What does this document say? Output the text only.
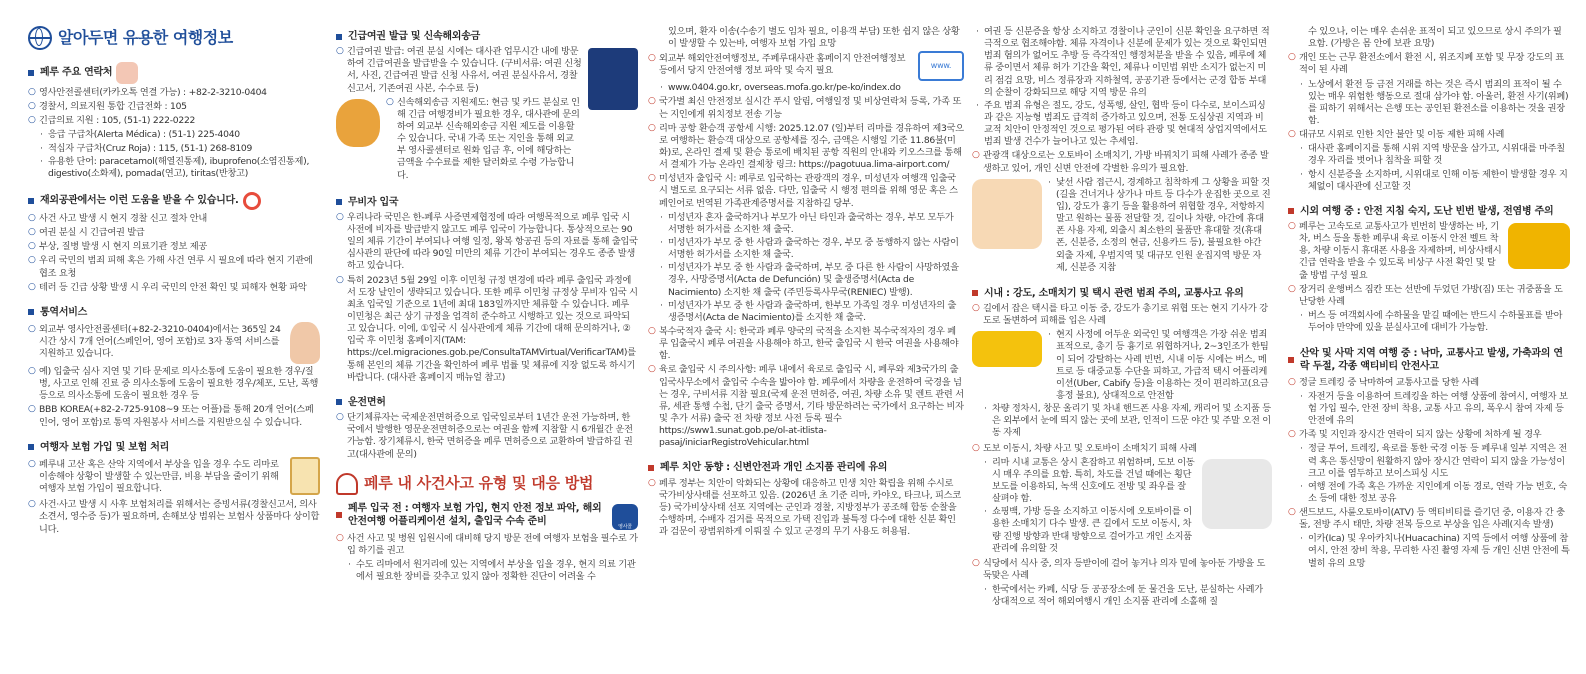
알아두면 유용한 여행정보
페루 주요 연락처
○ 영사안전콜센터(카카오톡 연결 가능) : +82-2-3210-0404
○ 경찰서, 의료지원 통합 긴급전화 : 105
○ 긴급의료 지원 : 105, (51-1) 222-0222
· 응급 구급차(Alerta Médica) : (51-1) 225-4040
· 적십자 구급차(Cruz Roja) : 115, (51-1) 268-8109
· 유용한 단어: paracetamol(해열진통제), ibuprofeno(소염진통제), digestivo(소화제), pomada(연고), tiritas(반창고)
재외공관에서는 이런 도움을 받을 수 있습니다.
○ 사건 사고 발생 시 현지 경찰 신고 절차 안내
○ 여권 분실 시 긴급여권 발급
○ 부상, 질병 발생 시 현지 의료기관 정보 제공
○ 우리 국민의 범죄 피해 혹은 가해 사건 연루 시 필요에 따라 현지 기관에 협조 요청
○ 테러 등 긴급 상황 발생 시 우리 국민의 안전 확인 및 피해자 현황 파악
통역서비스
○ 외교부 영사안전콜센터(+82-2-3210-0404)에서는 365일 24시간 상시 7개 언어(스페인어, 영어 포함)로 3자 통역 서비스를 지원하고 있습니다.
○ 예) 입출국 심사 지연 및 기타 문제로 의사소통에 도움이 필요한 경우/질병, 사고로 인해 진료 중 의사소통에 도움이 필요한 경우/체포, 도난, 폭행 등으로 의사소통에 도움이 필요한 경우 등
○ BBB KOREA(+82-2-725-9108~9 또는 어플)를 통해 20개 언어(스페인어, 영어 포함)로 통역 자원봉사 서비스를 지원받으실 수 있습니다.
여행자 보험 가입 및 보험 처리
○ 페루내 고산 혹은 산악 지역에서 부상을 입을 경우 수도 리마로 이송해야 상황이 발생할 수 있는만큼, 비용 부담을 줄이기 위해 여행자 보험 가입이 필요합니다.
○ 사건·사고 발생 시 사후 보험처리를 위해서는 증빙서류(경찰신고서, 의사소견서, 영수증 등)가 필요하며, 손해보상 범위는 보험사 상품마다 상이합니다.
긴급여권 발급 및 신속해외송금
○ 긴급여권 발급: 여권 분실 시에는 대사관 업무시간 내에 방문하여 긴급여권을 발급받을 수 있습니다. (구비서류: 여권 신청서, 사진, 긴급여권 발급 신청 사유서, 여권 분실사유서, 경찰 신고서, 기존여권 사본, 수수료 등)
○ 신속해외송금 지원제도: 현금 및 카드 분실로 인해 긴급 여행경비가 필요한 경우, 대사관에 문의하여 외교부 신속해외송금 지원 제도를 이용할 수 있습니다. 국내 가족 또는 지인을 통해 외교부 영사콜센터로 원화 입금 후, 이에 해당하는 금액을 수수료를 제한 달러화로 수령 가능합니다.
무비자 입국
○ 우리나라 국민은 한-페루 사증면제협정에 따라 여행목적으로 페루 입국 시 사전에 비자를 발급받지 않고도 페루 입국이 가능합니다. 통상적으로는 90일의 체류 기간이 부여되나 여행 일정, 왕복 항공권 등의 자료를 통해 출입국 심사관의 판단에 따라 90일 미만의 체류 기간이 부여되는 경우도 종종 발생하고 있습니다.
○ 특히 2023년 5월 29일 이후 이민청 규정 변경에 따라 페루 출입국 과정에서 도장 날인이 생략되고 있습니다. 또한 페루 이민청 규정상 무비자 입국 시 최초 입국일 기준으로 1년에 최대 183일까지만 체류할 수 있습니다. 페루 이민청은 최근 상기 규정을 엄격히 준수하고 시행하고 있는 것으로 파악되고 있습니다. 이에, ①입국 시 심사관에게 체류 기간에 대해 문의하거나, ②입국 후 이민청 홈페이지(TAM: https://cel.migraciones.gob.pe/ConsultaTAMVirtual/VerificarTAM)를 통해 본인의 체류 기간을 확인하여 페루 법률 및 체류에 지장 없도록 하시기 바랍니다. (대사관 홈페이지 매뉴얼 참고)
운전면허
○ 단기체류자는 국제운전면허증으로 입국일로부터 1년간 운전 가능하며, 한국에서 발행한 영문운전면허증으로는 여권을 함께 지참할 시 6개월간 운전 가능함. 장기체류시, 한국 면허증을 페루 면허증으로 교환하여 발급하길 권고(대사관에 문의)
페루 내 사건사고 유형 및 대응 방법
페루 입국 전 : 여행자 보험 가입, 현지 안전 정보 파악, 해외안전여행 어플리케이션 설치, 출입국 수속 준비
영사콜
○ 사건 사고 및 병원 입원시에 대비해 당지 방문 전에 여행자 보험을 필수로 가입 하기를 권고
· 수도 리마에서 원거리에 있는 지역에서 부상을 입을 경우, 현지 의료 기관에서 필요한 장비를 갖추고 있지 않아 정확한 진단이 어려울 수
있으며, 환자 이송(수송기 별도 임차 필요, 이용객 부담) 또한 쉽지 않은 상황이 발생할 수 있는바, 여행자 보험 가입 요망
○ 외교부 해외안전여행정보, 주페루대사관 홈페이지 안전여행정보 등에서 당지 안전여행 정보 파악 및 숙지 필요	www.
· www.0404.go.kr, overseas.mofa.go.kr/pe-ko/index.do
○ 국가별 최신 안전정보 실시간 푸시 알림, 여행일정 및 비상연락처 등록, 가족 또는 지인에게 위치정보 전송 기능
○ 리마 공항 환승객 공항세 시행: 2025.12.07 (일)부터 리마를 경유하여 제3국으로 여행하는 환승객 대상으로 공항세를 징수, 금액은 시행일 기준 11.86불(미화)로, 온라인 결제 및 환승 통로에 배치된 공항 직원의 안내와 키오스크를 통해서 결제가 가능 온라인 결제창 링크: https://pagotuua.lima-airport.com/
○ 미성년자 출입국 시: 페루로 입국하는 관광객의 경우, 미성년자 여행객 입출국 시 별도로 요구되는 서류 없음. 다만, 입출국 시 행정 편의를 위해 영문 혹은 스페인어로 번역된 가족관계증명서를 지참하길 당부.
· 미성년자 혼자 출국하거나 부모가 아닌 타인과 출국하는 경우, 부모 모두가 서명한 허가서를 소지한 채 출국.
· 미성년자가 부모 중 한 사람과 출국하는 경우, 부모 중 동행하지 않는 사람이 서명한 허가서를 소지한 채 출국.
· 미성년자가 부모 중 한 사람과 출국하며, 부모 중 다른 한 사람이 사망하였을 경우, 사망증명서(Acta de Defunción) 및 출생증명서(Acta de Nacimiento) 소지한 채 출국 (주민등록사무국(RENIEC) 발행).
· 미성년자가 부모 중 한 사람과 출국하며, 한부모 가족일 경우 미성년자의 출생증명서(Acta de Nacimiento)를 소지한 채 출국.
○ 복수국적자 출국 시: 한국과 페루 양국의 국적을 소지한 복수국적자의 경우 페루 입출국시 페루 여권을 사용해야 하고, 한국 출입국 시 한국 여권을 사용해야 함.
○ 육로 출입국 시 주의사항: 페루 내에서 육로로 출입국 시, 페루와 제3국가의 출입국사무소에서 출입국 수속을 밟아야 함. 페루에서 차량을 운전하여 국경을 넘는 경우, 구비서류 지참 필요(국제 운전 면허증, 여권, 차량 소유 및 렌트 관련 서류, 세관 통행 수첩, 단기 출국 증명서, 기타 방문하려는 국가에서 요구하는 비자 및 추가 서류) 출국 전 차량 정보 사전 등록 필수 https://sww1.sunat.gob.pe/ol-at-itlista-pasaj/iniciarRegistroVehicular.html
페루 치안 동향 : 신변안전과 개인 소지품 관리에 유의
○ 페루 정부는 치안이 악화되는 상황에 대응하고 민생 치안 확립을 위해 수시로 국가비상사태를 선포하고 있음. (2026년 초 기준 리마, 카야오, 타크나, 피스코 등) 국가비상사태 선포 지역에는 군인과 경찰, 지방정부가 공조해 합동 순찰을 수행하며, 수배자 검거를 목적으로 가택 진입과 불특정 다수에 대한 신분 확인과 검문이 광범위하게 이뤄질 수 있고 군경의 무기 사용도 허용됨.
· 여권 등 신분증을 항상 소지하고 경찰이나 군인이 신분 확인을 요구하면 적극적으로 협조해야함. 체류 자격이나 신분에 문제가 있는 것으로 확인되면 범죄 혐의가 없어도 추방 등 즉각적인 행정처분을 받을 수 있음, 페루에 체류 중이면서 체류 허가 기간을 확인, 체류나 이민법 위반 소지가 없는지 미리 점검 요망, 비스 정류장과 지하철역, 공공기관 등에서는 군경 합동 부대의 순찰이 강화되므로 해당 지역 방문 유의
· 주요 범죄 유형은 절도, 강도, 성폭행, 살인, 협박 등이 다수로, 보이스피싱과 같은 지능형 범죄도 급격히 증가하고 있으며, 전통 도심상권 지역과 비교적 치안이 안정적인 것으로 평가된 여타 관광 및 현대적 상업지역에서도 범죄 발생 건수가 늘어나고 있는 추세임.
○ 관광객 대상으로는 오토바이 소매치기, 가방 바꿔치기 피해 사례가 종종 발생하고 있어, 개인 신변 안전에 각별한 유의가 필요함.
· 낯선 사람 접근시, 경계하고 침착하게 그 상황을 피할 것(길을 건너거나 상가나 마트 등 다수가 운집한 곳으로 진입), 강도가 흉기 등을 활용하여 위협할 경우, 저항하지 말고 원하는 물품 전달할 것, 길이나 차량, 야간에 휴대폰 사용 자제, 외출시 최소한의 물품만 휴대할 것(휴대폰, 신분증, 소정의 현금, 신용카드 등), 불필요한 야간 외출 자제, 우범지역 및 대규모 인원 운집지역 방문 자제, 신분증 지참
시내 : 강도, 소매치기 및 택시 관련 범죄 주의, 교통사고 유의
○ 길에서 잡은 택시를 타고 이동 중, 강도가 총기로 위협 또는 현지 기사가 강도로 돌변하여 피해를 입은 사례
· 현지 사정에 어두운 외국인 및 여행객은 가장 쉬운 범죄 표적으로, 총기 등 흉기로 위협하거나, 2~3인조가 한팀이 되어 강탈하는 사례 빈번, 시내 이동 시에는 버스, 메트로 등 대중교통 수단을 피하고, 가급적 택시 어플리케이션(Uber, Cabify 등)을 이용하는 것이 편리하고(요금 흥정 불요), 상대적으로 안전함
· 차량 정차시, 창문 올리기 및 차내 핸드폰 사용 자제, 캐리어 및 소지품 등은 외부에서 눈에 띄지 않는 곳에 보관, 인적이 드문 야간 및 주말 오전 이동 자제
○ 도보 이동시, 차량 사고 및 오토바이 소매치기 피해 사례
· 리마 시내 교통은 상시 혼잡하고 위험하며, 도보 이동 시 매우 주의를 요함. 특히, 차도를 건널 때에는 횡단보도를 이용하되, 녹색 신호에도 전방 및 좌우를 잘 살펴야 함.
· 쇼핑백, 가방 등을 소지하고 이동시에 오토바이를 이용한 소매치기 다수 발생. 큰 길에서 도보 이동시, 차량 진행 방향과 반대 방향으로 걸어가고 개인 소지품 관리에 유의할 것
○ 식당에서 식사 중, 의자 등받이에 걸어 놓거나 의자 밑에 놓아둔 가방을 도둑맞은 사례
· 한국에서는 카페, 식당 등 공공장소에 둔 물건을 도난, 분실하는 사례가 상대적으로 적어 해외여행시 개인 소지품 관리에 소홀해 질
수 있으나, 이는 매우 손쉬운 표적이 되고 있으므로 상시 주의가 필요함. (가방은 몸 안에 보관 요망)
○ 개인 또는 근무 환전소에서 환전 시, 위조지폐 포함 및 무장 강도의 표적이 된 사례
· 노상에서 환전 등 금전 거래를 하는 것은 즉시 범죄의 표적이 될 수 있는 매우 위험한 행동으로 절대 삼가야 함. 아울러, 환전 사기(위폐)를 피하기 위해서는 은행 또는 공인된 환전소를 이용하는 것을 권장함.
○ 대규모 시위로 인한 치안 불안 및 이동 제한 피해 사례
· 대사관 홈페이지를 통해 시위 지역 방문을 삼가고, 시위대를 마주칠 경우 자리를 벗어나 침착을 피할 것
· 항시 신분증을 소지하며, 시위대로 인해 이동 제한이 발생할 경우 지체없이 대사관에 신고할 것
시외 여행 중 : 안전 지침 숙지, 도난 빈번 발생, 전염병 주의
○ 페루는 고속도로 교통사고가 빈번히 발생하는 바, 기차, 버스 등을 통한 페루내 육로 이동시 안전 벨트 착용, 차량 이동시 휴대폰 사용을 자제하며, 비상사태시 긴급 연락을 받을 수 있도록 비상구 사전 확인 및 탈출 방법 구성 필요
○ 장거리 운행버스 짐칸 또는 선반에 두었던 가방(짐) 또는 귀중품을 도난당한 사례
· 버스 등 여객회사에 수하물을 맡길 때에는 반드시 수하물표를 받아두어야 만약에 있을 분실사고에 대비가 가능함.
산악 및 사막 지역 여행 중 : 낙마, 교통사고 발생, 가축과의 연락 두절, 각종 액티비티 안전사고
○ 정글 트레킹 중 낙마하여 교통사고를 당한 사례
· 자전거 등을 이용하여 트레킹을 하는 여행 상품에 참여시, 여행자 보험 가입 필수, 안전 장비 착용, 교통 사고 유의, 폭우시 참여 자제 등 안전에 유의
○ 가족 및 지인과 장시간 연락이 되지 않는 상황에 처하게 될 경우
· 정글 투어, 트레킹, 육로를 통한 국경 이동 등 페루내 일부 지역은 전력 혹은 통신망이 원활하지 않아 장시간 연락이 되지 않을 가능성이 크고 이를 염두하고 보이스피싱 시도
· 여행 전에 가족 혹은 가까운 지인에게 이동 경로, 연락 가능 번호, 숙소 등에 대한 정보 공유
○ 샌드보드, 사륜오토바이(ATV) 등 액티비티를 즐기던 중, 이용자 간 충돌, 전방 주시 태만, 차량 전복 등으로 부상을 입은 사례(지속 발생)
· 이카(Ica) 및 우아카치나(Huacachina) 지역 등에서 여행 상품에 참여시, 안전 장비 착용, 무리한 사진 촬영 자제 등 개인 신변 안전에 특별히 유의 요망
